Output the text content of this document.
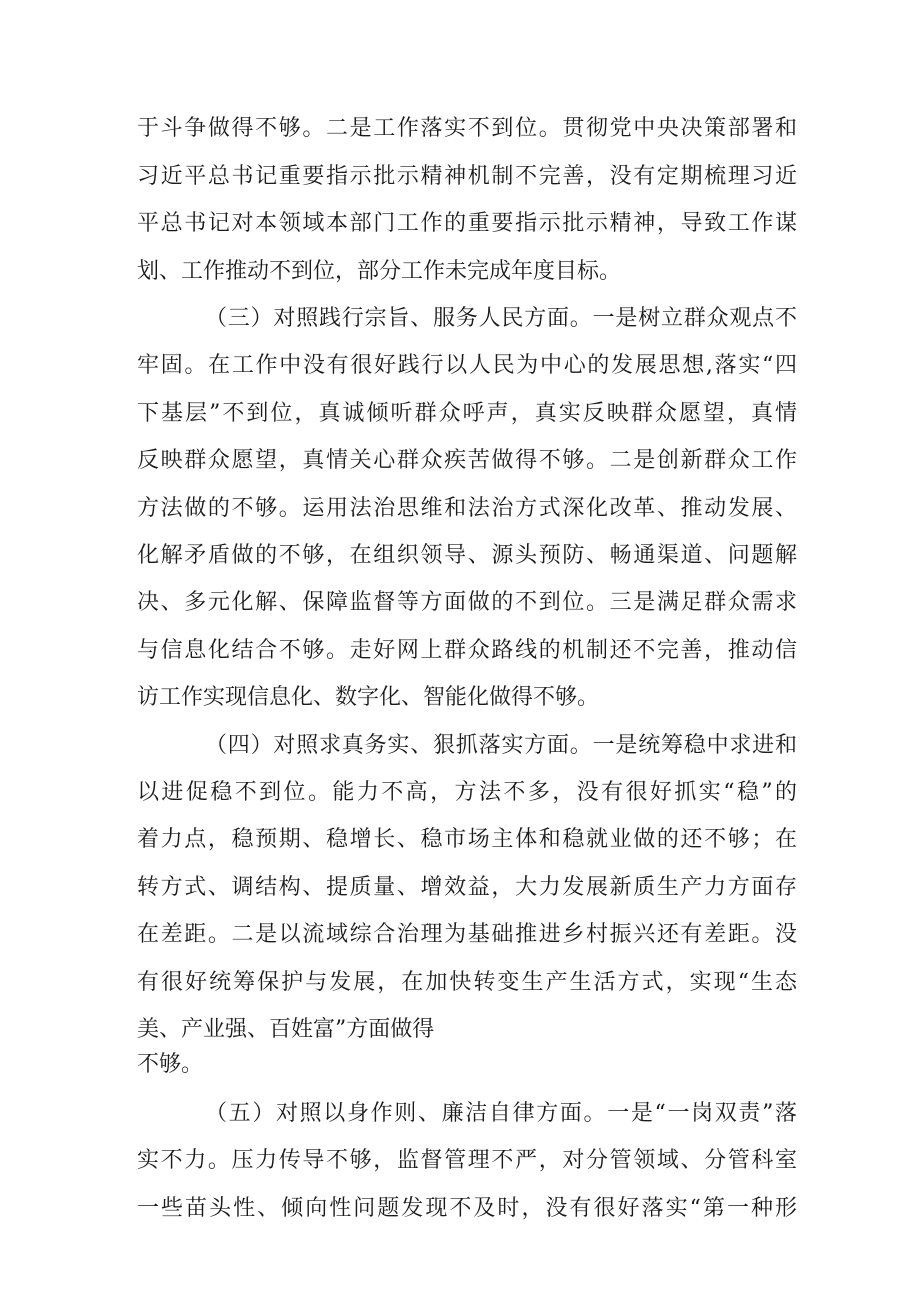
于斗争做得不够。二是工作落实不到位。贯彻党中央决策部署和
习近平总书记重要指示批示精神机制不完善，没有定期梳理习近
平总书记对本领域本部门工作的重要指示批示精神，导致工作谋
划、工作推动不到位，部分工作未完成年度目标。
（三）对照践行宗旨、服务人民方面。一是树立群众观点不
牢固。在工作中没有很好践行以人民为中心的发展思想,落实“四
下基层”不到位，真诚倾听群众呼声，真实反映群众愿望，真情
反映群众愿望，真情关心群众疾苦做得不够。二是创新群众工作
方法做的不够。运用法治思维和法治方式深化改革、推动发展、
化解矛盾做的不够，在组织领导、源头预防、畅通渠道、问题解
决、多元化解、保障监督等方面做的不到位。三是满足群众需求
与信息化结合不够。走好网上群众路线的机制还不完善，推动信
访工作实现信息化、数字化、智能化做得不够。
（四）对照求真务实、狠抓落实方面。一是统筹稳中求进和
以进促稳不到位。能力不高，方法不多，没有很好抓实“稳”的
着力点，稳预期、稳增长、稳市场主体和稳就业做的还不够；在
转方式、调结构、提质量、增效益，大力发展新质生产力方面存
在差距。二是以流域综合治理为基础推进乡村振兴还有差距。没
有很好统筹保护与发展，在加快转变生产生活方式，实现“生态
美、产业强、百姓富”方面做得
不够。
（五）对照以身作则、廉洁自律方面。一是“一岗双责”落
实不力。压力传导不够，监督管理不严，对分管领域、分管科室
一些苗头性、倾向性问题发现不及时，没有很好落实“第一种形
